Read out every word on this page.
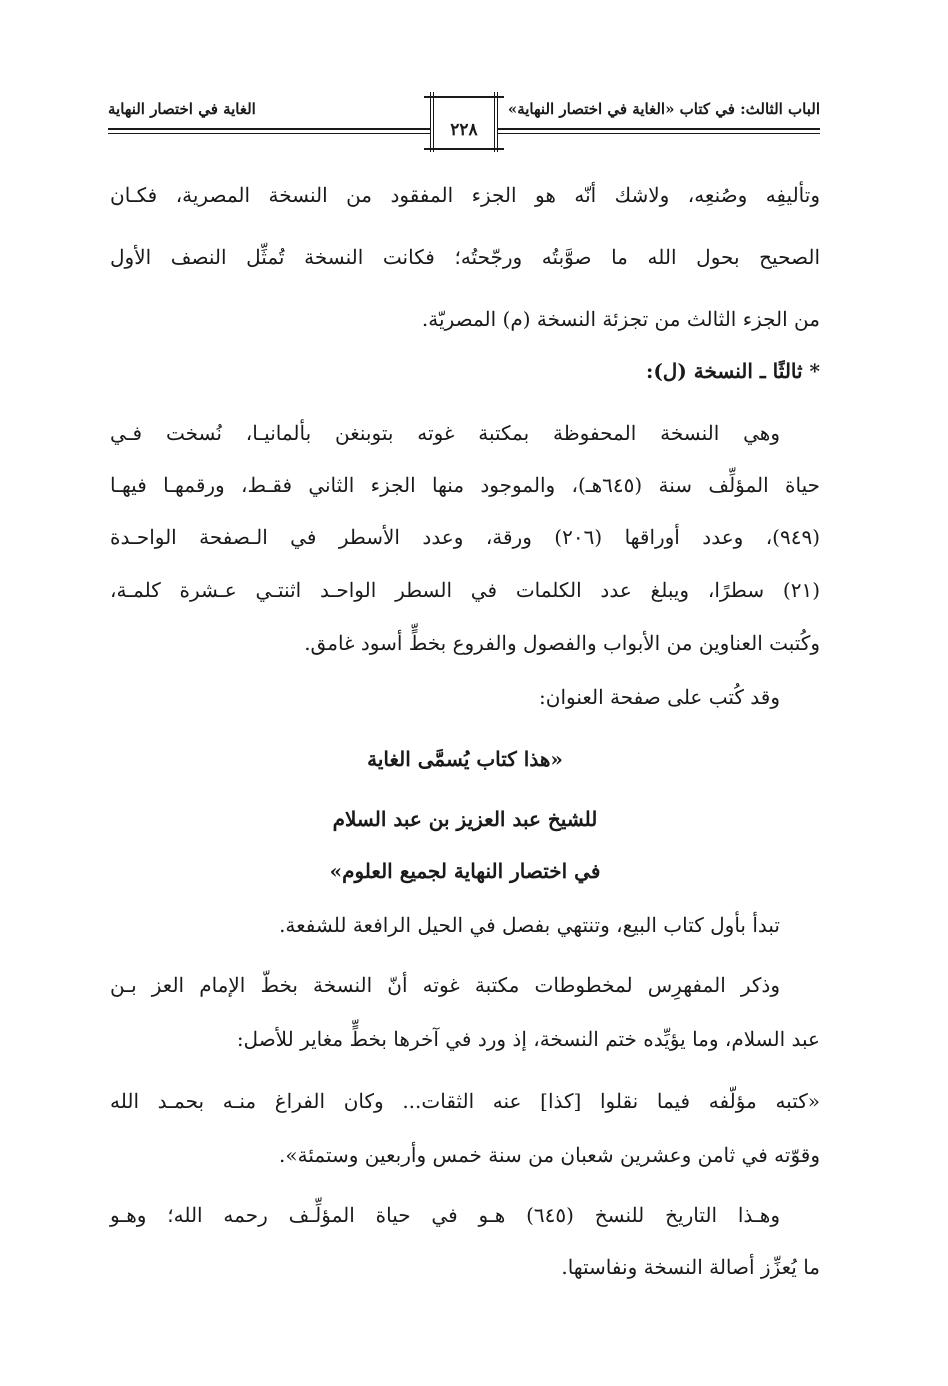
الباب الثالث: في كتاب «الغاية في اختصار النهاية»
٢٢٨
الغاية في اختصار النهاية
وتأليفِه وصُنعِه، ولاشك أنّه هو الجزء المفقود من النسخة المصرية، فكـان
الصحيح بحول الله ما صوَّبتُه ورجّحتُه؛ فكانت النسخة تُمثِّل النصف الأول
من الجزء الثالث من تجزئة النسخة (م) المصريّة.
* ثالثًا ـ النسخة (ل):
وهي النسخة المحفوظة بمكتبة غوته بتوبنغن بألمانيـا، نُسخت فـي
حياة المؤلِّف سنة (٦٤٥هـ)، والموجود منها الجزء الثاني فقـط، ورقمهـا فيهـا
(٩٤٩)، وعدد أوراقها (٢٠٦) ورقة، وعدد الأسطر في الـصفحة الواحـدة
(٢١) سطرًا، ويبلغ عدد الكلمات في السطر الواحـد اثنتـي عـشرة كلمـة،
وكُتبت العناوين من الأبواب والفصول والفروع بخطٍّ أسود غامق.
وقد كُتب على صفحة العنوان:
«هذا كتاب يُسمَّى الغاية
للشيخ عبد العزيز بن عبد السلام
في اختصار النهاية لجميع العلوم»
تبدأ بأول كتاب البيع، وتنتهي بفصل في الحيل الرافعة للشفعة.
وذكر المفهرِس لمخطوطات مكتبة غوته أنّ النسخة بخطّ الإمام العز بـن
عبد السلام، وما يؤيِّده ختم النسخة، إذ ورد في آخرها بخطٍّ مغاير للأصل:
«كتبه مؤلّفه فيما نقلوا [كذا] عنه الثقات... وكان الفراغ منـه بحمـد الله
وقوّته في ثامن وعشرين شعبان من سنة خمس وأربعين وستمئة».
وهـذا التاريخ للنسخ (٦٤٥) هـو في حياة المؤلِّـف رحمه الله؛ وهـو
ما يُعزِّز أصالة النسخة ونفاستها.
